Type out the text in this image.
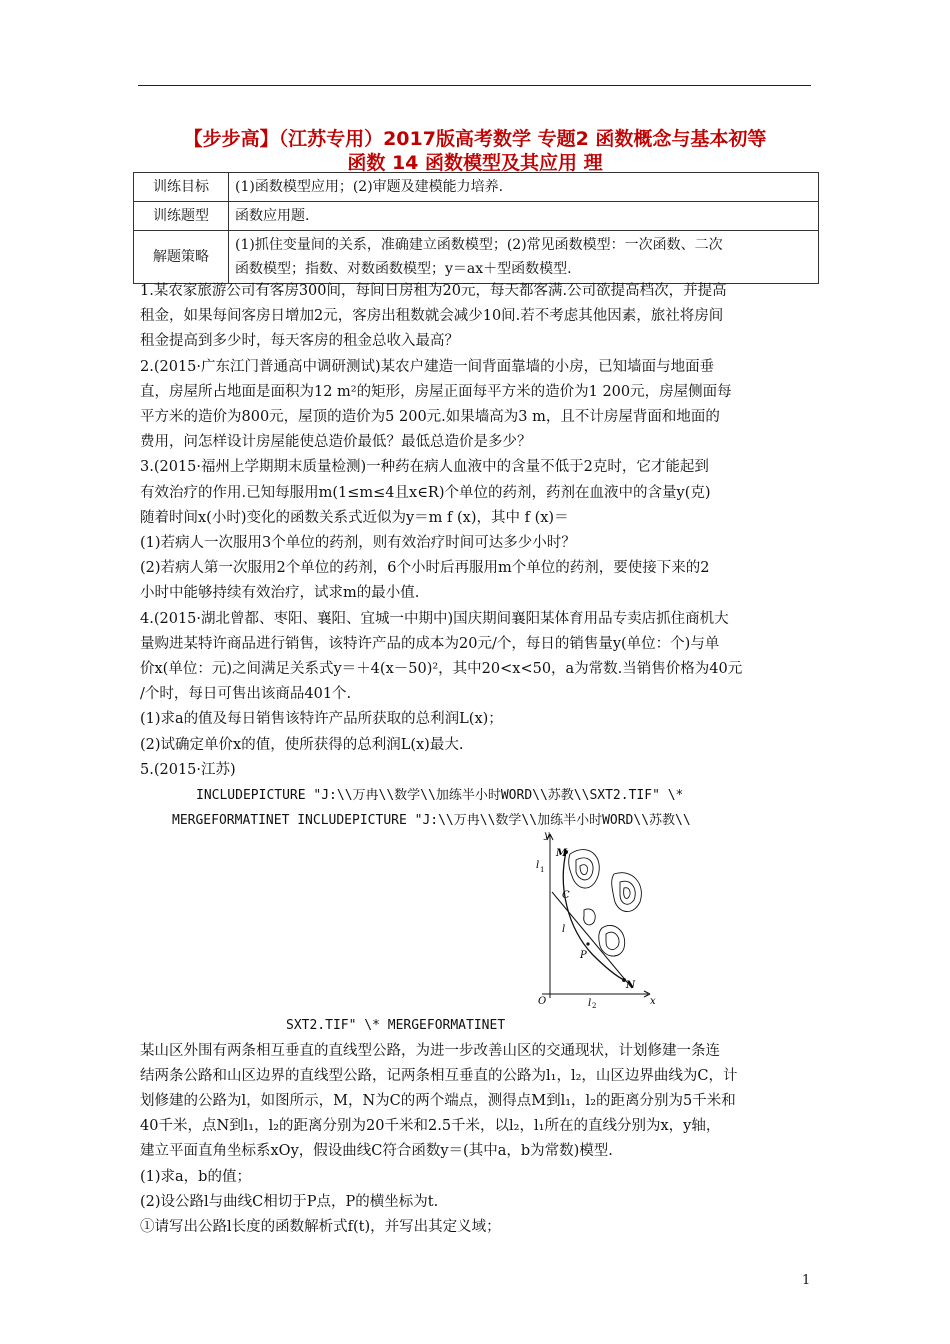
【步步高】（江苏专用）2017版高考数学 专题2 函数概念与基本初等
函数 14 函数模型及其应用 理
训练目标	(1)函数模型应用；(2)审题及建模能力培养.
训练题型	函数应用题.
解题策略	(1)抓住变量间的关系，准确建立函数模型；(2)常见函数模型：一次函数、二次
函数模型；指数、对数函数模型；y＝ax＋型函数模型.

1.某农家旅游公司有客房300间，每间日房租为20元，每天都客满.公司欲提高档次，并提高

租金，如果每间客房日增加2元，客房出租数就会减少10间.若不考虑其他因素，旅社将房间

租金提高到多少时，每天客房的租金总收入最高？

2.(2015·广东江门普通高中调研测试)某农户建造一间背面靠墙的小房，已知墙面与地面垂

直，房屋所占地面是面积为12 m²的矩形，房屋正面每平方米的造价为1 200元，房屋侧面每

平方米的造价为800元，屋顶的造价为5 200元.如果墙高为3 m，且不计房屋背面和地面的

费用，问怎样设计房屋能使总造价最低？最低总造价是多少？

3.(2015·福州上学期期末质量检测)一种药在病人血液中的含量不低于2克时，它才能起到

有效治疗的作用.已知每服用m(1≤m≤4且x∈R)个单位的药剂，药剂在血液中的含量y(克)

随着时间x(小时)变化的函数关系式近似为y＝m f (x)，其中 f (x)＝

(1)若病人一次服用3个单位的药剂，则有效治疗时间可达多少小时？

(2)若病人第一次服用2个单位的药剂，6个小时后再服用m个单位的药剂，要使接下来的2

小时中能够持续有效治疗，试求m的最小值.

4.(2015·湖北曾都、枣阳、襄阳、宜城一中期中)国庆期间襄阳某体育用品专卖店抓住商机大

量购进某特许商品进行销售，该特许产品的成本为20元/个，每日的销售量y(单位：个)与单

价x(单位：元)之间满足关系式y＝＋4(x－50)²，其中20<x<50，a为常数.当销售价格为40元

/个时，每日可售出该商品401个.

(1)求a的值及每日销售该特许产品所获取的总利润L(x)；

(2)试确定单价x的值，使所获得的总利润L(x)最大.

5.(2015·江苏)

INCLUDEPICTURE "J:\\万冉\\数学\\加练半小时WORD\\苏教\\SXT2.TIF" \*

MERGEFORMATINET INCLUDEPICTURE "J:\\万冉\\数学\\加练半小时WORD\\苏教\\

SXT2.TIF" \* MERGEFORMATINET

某山区外围有两条相互垂直的直线型公路，为进一步改善山区的交通现状，计划修建一条连

结两条公路和山区边界的直线型公路，记两条相互垂直的公路为l₁，l₂，山区边界曲线为C，计

划修建的公路为l，如图所示，M，N为C的两个端点，测得点M到l₁，l₂的距离分别为5千米和

40千米，点N到l₁，l₂的距离分别为20千米和2.5千米，以l₂，l₁所在的直线分别为x，y轴，

建立平面直角坐标系xOy，假设曲线C符合函数y＝(其中a，b为常数)模型.

(1)求a，b的值；

(2)设公路l与曲线C相切于P点，P的横坐标为t.

①请写出公路l长度的函数解析式f(t)，并写出其定义域；

y
x
O
M
N
C
P
l
l 1
l 2
1
